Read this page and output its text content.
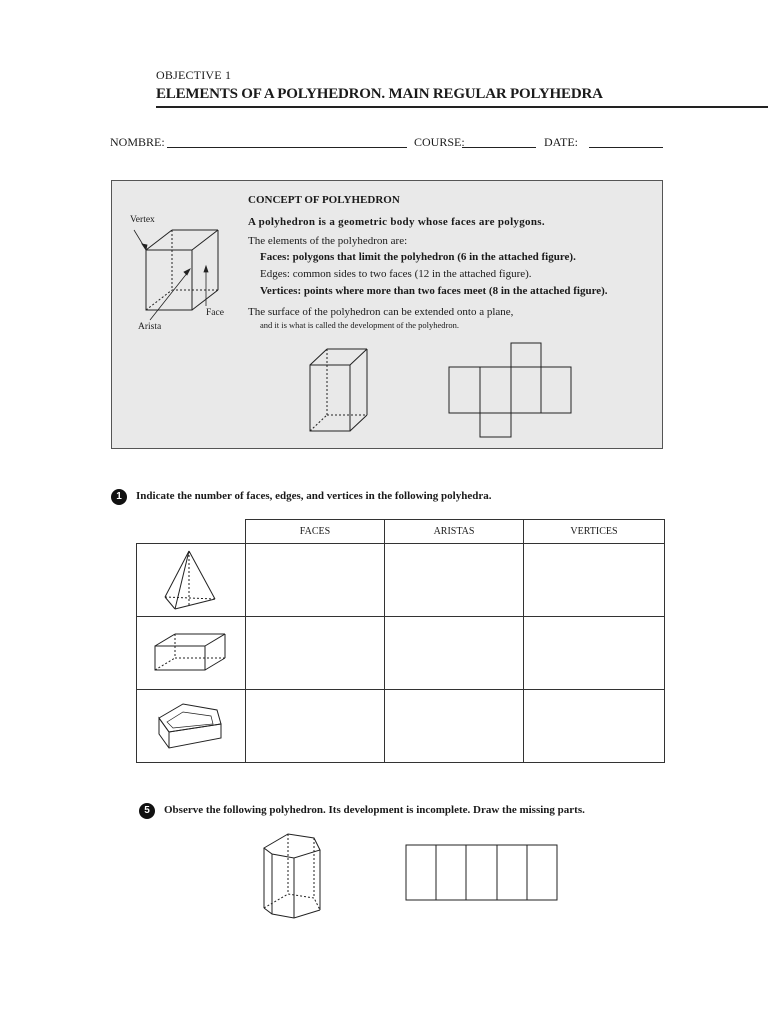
OBJECTIVE 1
ELEMENTS OF A POLYHEDRON. MAIN REGULAR POLYHEDRA
NOMBRE:	COURSE:	DATE:
Vertex
Face
Arista
CONCEPT OF POLYHEDRON
A polyhedron is a geometric body whose faces are polygons.
The elements of the polyhedron are:
Faces: polygons that limit the polyhedron (6 in the attached figure).
Edges: common sides to two faces (12 in the attached figure).
Vertices: points where more than two faces meet (8 in the attached figure).
The surface of the polyhedron can be extended onto a plane,
and it is what is called the development of the polyhedron.
1	Indicate the number of faces, edges, and vertices in the following polyhedra.
	FACES	ARISTAS	VERTICES

5	Observe the following polyhedron. Its development is incomplete. Draw the missing parts.
